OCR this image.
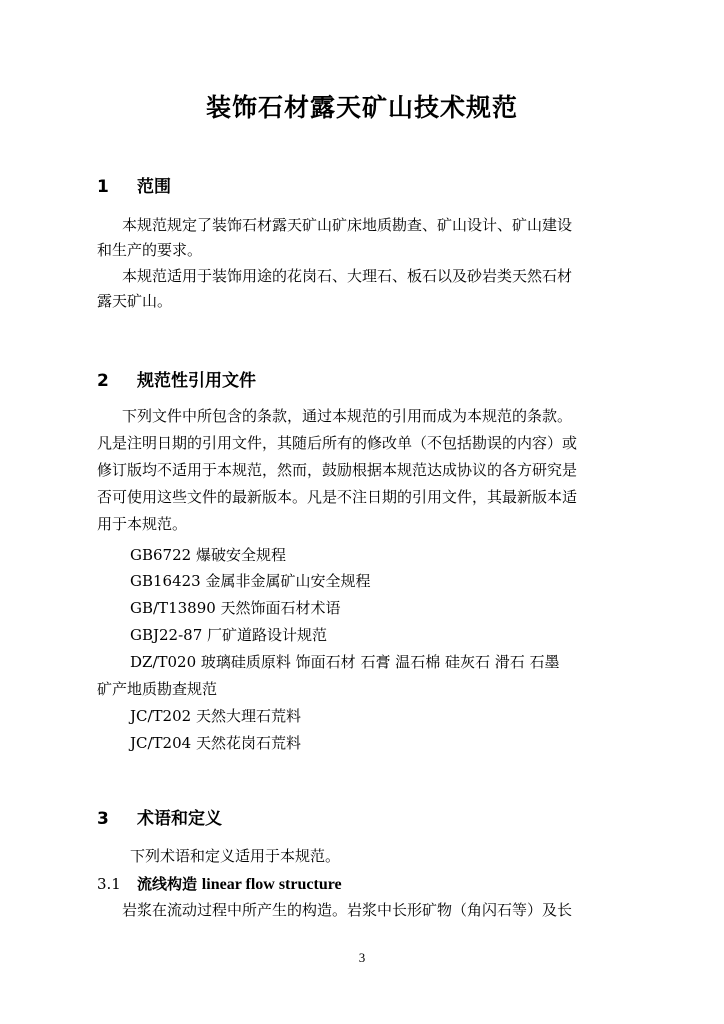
装饰石材露天矿山技术规范
1 范围
本规范规定了装饰石材露天矿山矿床地质勘查、矿山设计、矿山建设
和生产的要求。
本规范适用于装饰用途的花岗石、大理石、板石以及砂岩类天然石材
露天矿山。
2 规范性引用文件
下列文件中所包含的条款，通过本规范的引用而成为本规范的条款。
凡是注明日期的引用文件，其随后所有的修改单（不包括勘误的内容）或
修订版均不适用于本规范，然而，鼓励根据本规范达成协议的各方研究是
否可使用这些文件的最新版本。凡是不注日期的引用文件，其最新版本适
用于本规范。
GB6722 爆破安全规程
GB16423 金属非金属矿山安全规程
GB/T13890 天然饰面石材术语
GBJ22-87 厂矿道路设计规范
DZ/T020 玻璃硅质原料 饰面石材 石膏 温石棉 硅灰石 滑石 石墨
矿产地质勘查规范
JC/T202 天然大理石荒料
JC/T204 天然花岗石荒料
3 术语和定义
下列术语和定义适用于本规范。
3.1 流线构造 linear flow structure
岩浆在流动过程中所产生的构造。岩浆中长形矿物（角闪石等）及长
3
